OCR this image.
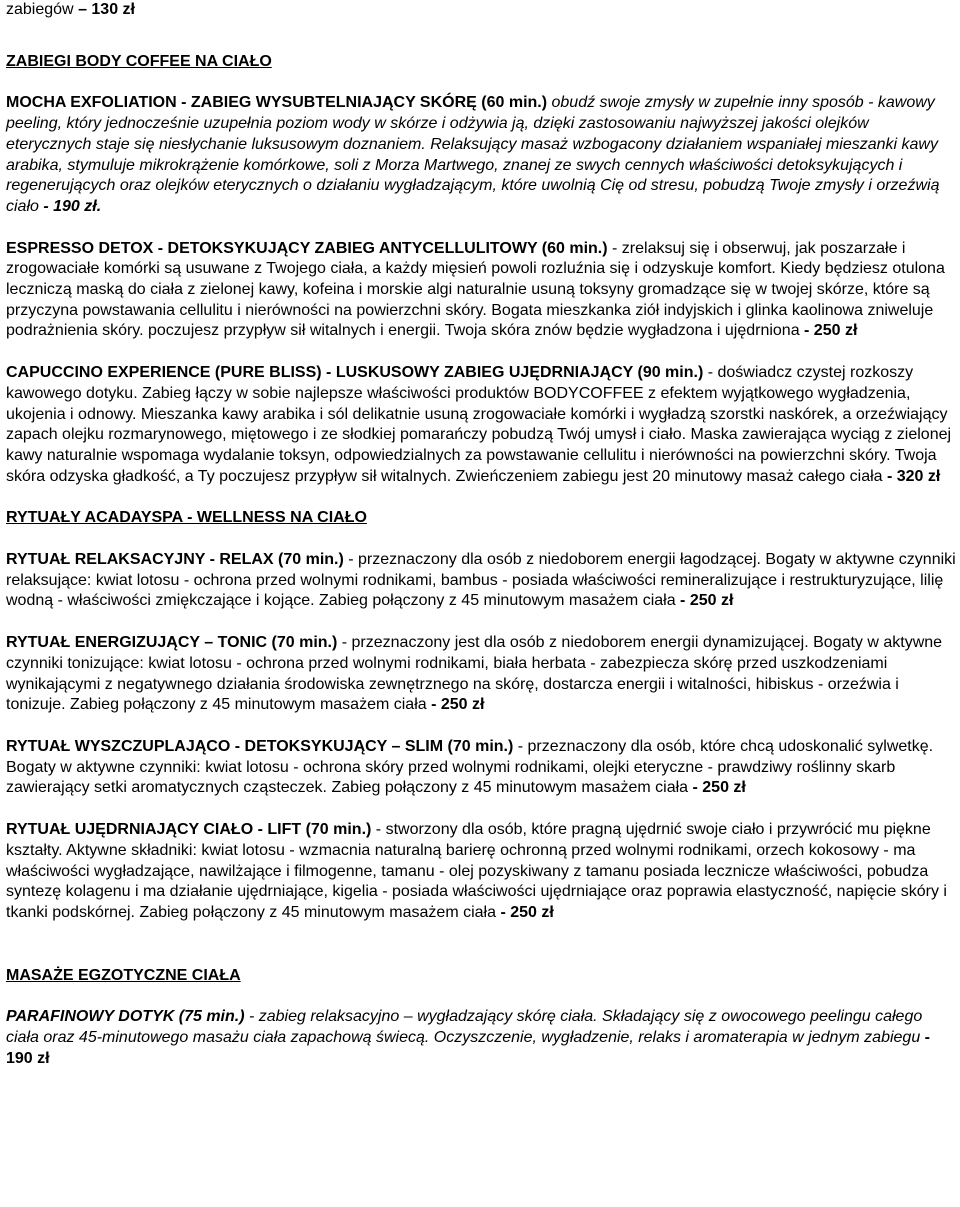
zabiegów – 130 zł

ZABIEGI BODY COFFEE NA CIAŁO

MOCHA EXFOLIATION - ZABIEG WYSUBTELNIAJĄCY SKÓRĘ (60 min.) obudź swoje zmysły w zupełnie inny sposób - kawowy peeling, który jednocześnie uzupełnia poziom wody w skórze i odżywia ją, dzięki zastosowaniu najwyższej jakości olejków eterycznych staje się niesłychanie luksusowym doznaniem. Relaksujący masaż wzbogacony działaniem wspaniałej mieszanki kawy arabika, stymuluje mikrokrążenie komórkowe, soli z Morza Martwego, znanej ze swych cennych właściwości detoksykujących i regenerujących oraz olejków eterycznych o działaniu wygładzającym, które uwolnią Cię od stresu, pobudzą Twoje zmysły i orzeźwią ciało - 190 zł.

ESPRESSO DETOX - DETOKSYKUJĄCY ZABIEG ANTYCELLULITOWY (60 min.) - zrelaksuj się i obserwuj, jak poszarzałe i zrogowaciałe komórki są usuwane z Twojego ciała, a każdy mięsień powoli rozluźnia się i odzyskuje komfort. Kiedy będziesz otulona leczniczą maską do ciała z zielonej kawy, kofeina i morskie algi naturalnie usuną toksyny gromadzące się w twojej skórze, które są przyczyna powstawania cellulitu i nierówności na powierzchni skóry. Bogata mieszkanka ziół indyjskich i glinka kaolinowa zniweluje podrażnienia skóry. poczujesz przypływ sił witalnych i energii. Twoja skóra znów będzie wygładzona i ujędrniona - 250 zł

CAPUCCINO EXPERIENCE (PURE BLISS) - LUSKUSOWY ZABIEG UJĘDRNIAJĄCY (90 min.) - doświadcz czystej rozkoszy kawowego dotyku. Zabieg łączy w sobie najlepsze właściwości produktów BODYCOFFEE z efektem wyjątkowego wygładzenia, ukojenia i odnowy. Mieszanka kawy arabika i sól delikatnie usuną zrogowaciałe komórki i wygładzą szorstki naskórek, a orzeźwiający zapach olejku rozmarynowego, miętowego i ze słodkiej pomarańczy pobudzą Twój umysł i ciało. Maska zawierająca wyciąg z zielonej kawy naturalnie wspomaga wydalanie toksyn, odpowiedzialnych za powstawanie cellulitu i nierówności na powierzchni skóry. Twoja skóra odzyska gładkość, a Ty poczujesz przypływ sił witalnych. Zwieńczeniem zabiegu jest 20 minutowy masaż całego ciała - 320 zł

RYTUAŁY ACADAYSPA - WELLNESS NA CIAŁO

RYTUAŁ RELAKSACYJNY - RELAX (70 min.) - przeznaczony dla osób z niedoborem energii łagodzącej. Bogaty w aktywne czynniki relaksujące: kwiat lotosu - ochrona przed wolnymi rodnikami, bambus - posiada właściwości remineralizujące i restrukturyzujące, lilię wodną - właściwości zmiękczające i kojące. Zabieg połączony z 45 minutowym masażem ciała - 250 zł

RYTUAŁ ENERGIZUJĄCY – TONIC (70 min.) - przeznaczony jest dla osób z niedoborem energii dynamizującej. Bogaty w aktywne czynniki tonizujące: kwiat lotosu - ochrona przed wolnymi rodnikami, biała herbata - zabezpiecza skórę przed uszkodzeniami wynikającymi z negatywnego działania środowiska zewnętrznego na skórę, dostarcza energii i witalności, hibiskus - orzeźwia i tonizuje. Zabieg połączony z 45 minutowym masażem ciała - 250 zł

RYTUAŁ WYSZCZUPLAJĄCO - DETOKSYKUJĄCY – SLIM (70 min.) - przeznaczony dla osób, które chcą udoskonalić sylwetkę. Bogaty w aktywne czynniki: kwiat lotosu - ochrona skóry przed wolnymi rodnikami, olejki eteryczne - prawdziwy roślinny skarb zawierający setki aromatycznych cząsteczek. Zabieg połączony z 45 minutowym masażem ciała - 250 zł

RYTUAŁ UJĘDRNIAJĄCY CIAŁO - LIFT (70 min.) - stworzony dla osób, które pragną ujędrnić swoje ciało i przywrócić mu piękne kształty. Aktywne składniki: kwiat lotosu - wzmacnia naturalną barierę ochronną przed wolnymi rodnikami, orzech kokosowy - ma właściwości wygładzające, nawilżające i filmogenne, tamanu - olej pozyskiwany z tamanu posiada lecznicze właściwości, pobudza syntezę kolagenu i ma działanie ujędrniające, kigelia - posiada właściwości ujędrniające oraz poprawia elastyczność, napięcie skóry i tkanki podskórnej. Zabieg połączony z 45 minutowym masażem ciała - 250 zł

MASAŻE EGZOTYCZNE CIAŁA

PARAFINOWY DOTYK (75 min.) - zabieg relaksacyjno – wygładzający skórę ciała. Składający się z owocowego peelingu całego ciała oraz 45-minutowego masażu ciała zapachową świecą. Oczyszczenie, wygładzenie, relaks i aromaterapia w jednym zabiegu - 190 zł
